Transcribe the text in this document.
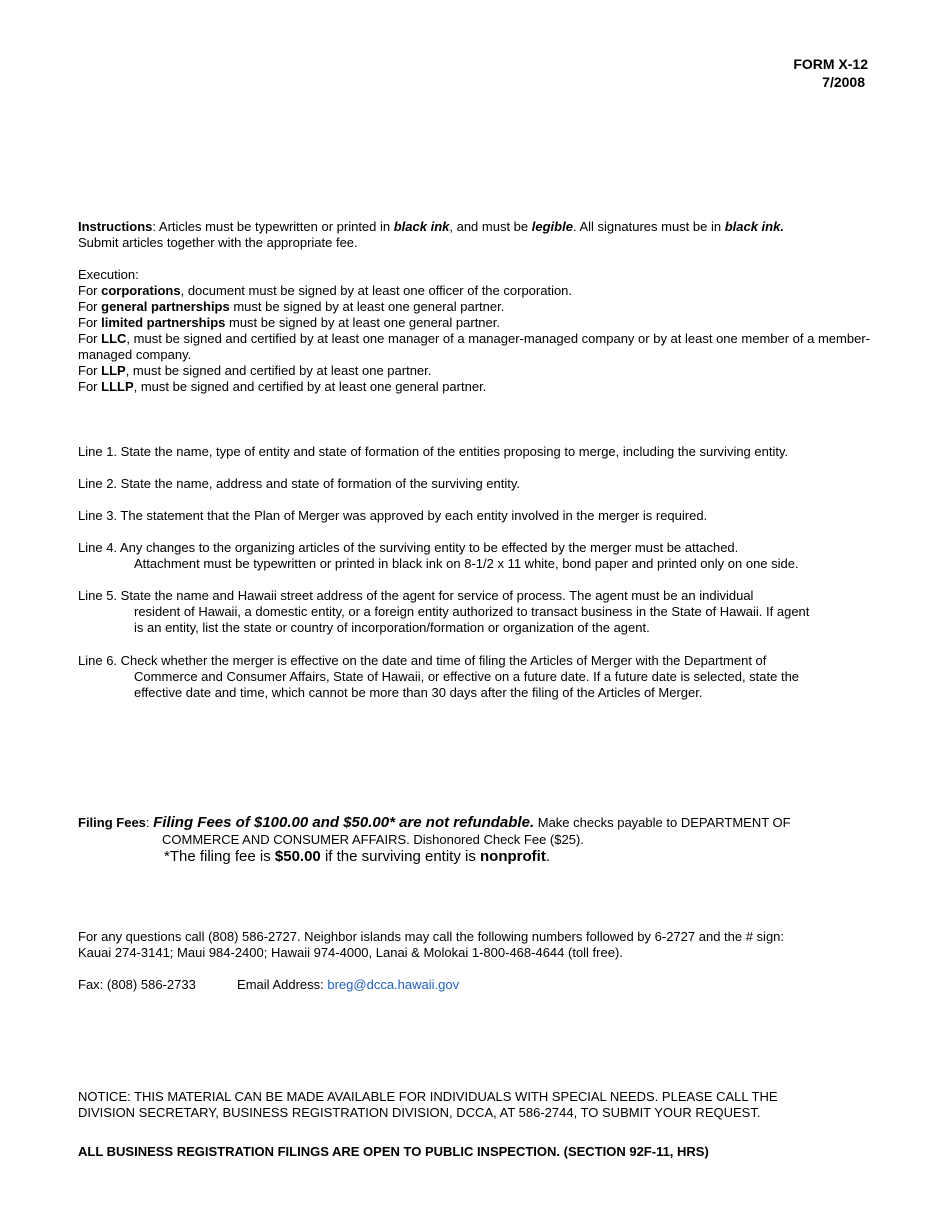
FORM X-12
7/2008
Instructions: Articles must be typewritten or printed in black ink, and must be legible. All signatures must be in black ink.
Submit articles together with the appropriate fee.
Execution:
For corporations, document must be signed by at least one officer of the corporation.
For general partnerships must be signed by at least one general partner.
For limited partnerships must be signed by at least one general partner.
For LLC, must be signed and certified by at least one manager of a manager-managed company or by at least one member of a member-managed company.
For LLP, must be signed and certified by at least one partner.
For LLLP, must be signed and certified by at least one general partner.
Line 1. State the name, type of entity and state of formation of the entities proposing to merge, including the surviving entity.
Line 2. State the name, address and state of formation of the surviving entity.
Line 3. The statement that the Plan of Merger was approved by each entity involved in the merger is required.
Line 4. Any changes to the organizing articles of the surviving entity to be effected by the merger must be attached.
Attachment must be typewritten or printed in black ink on 8-1/2 x 11 white, bond paper and printed only on one side.
Line 5. State the name and Hawaii street address of the agent for service of process. The agent must be an individual
resident of Hawaii, a domestic entity, or a foreign entity authorized to transact business in the State of Hawaii. If agent
is an entity, list the state or country of incorporation/formation or organization of the agent.
Line 6. Check whether the merger is effective on the date and time of filing the Articles of Merger with the Department of
Commerce and Consumer Affairs, State of Hawaii, or effective on a future date. If a future date is selected, state the
effective date and time, which cannot be more than 30 days after the filing of the Articles of Merger.
Filing Fees: Filing Fees of $100.00 and $50.00* are not refundable. Make checks payable to DEPARTMENT OF
COMMERCE AND CONSUMER AFFAIRS. Dishonored Check Fee ($25).
*The filing fee is $50.00 if the surviving entity is nonprofit.
For any questions call (808) 586-2727. Neighbor islands may call the following numbers followed by 6-2727 and the # sign:
Kauai 274-3141; Maui 984-2400; Hawaii 974-4000, Lanai & Molokai 1-800-468-4644 (toll free).
Fax: (808) 586-2733	Email Address: breg@dcca.hawaii.gov
NOTICE: THIS MATERIAL CAN BE MADE AVAILABLE FOR INDIVIDUALS WITH SPECIAL NEEDS. PLEASE CALL THE
DIVISION SECRETARY, BUSINESS REGISTRATION DIVISION, DCCA, AT 586-2744, TO SUBMIT YOUR REQUEST.
ALL BUSINESS REGISTRATION FILINGS ARE OPEN TO PUBLIC INSPECTION. (SECTION 92F-11, HRS)
